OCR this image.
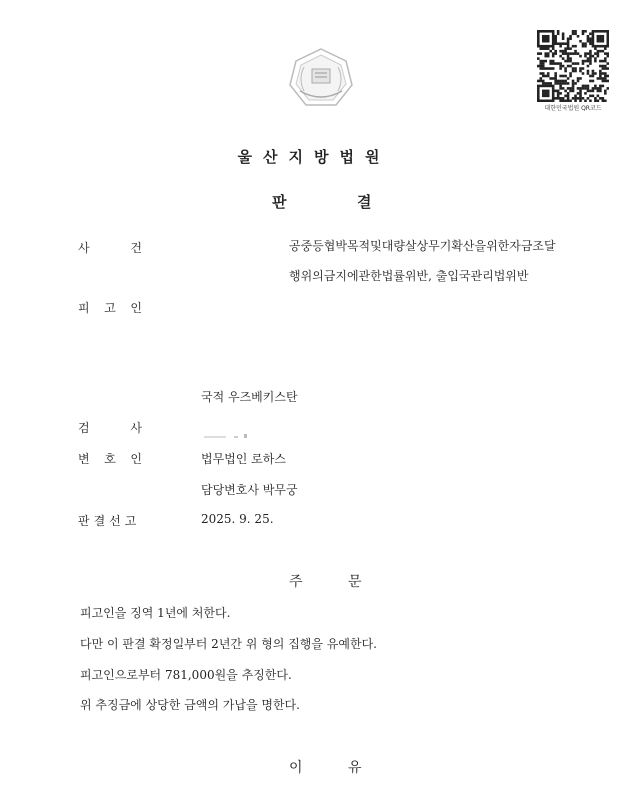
대한민국법원 QR코드
울산지방법원
판	결
사	건	공중등협박목적및대량살상무기확산을위한자금조달
행위의금지에관한법률위반, 출입국관리법위반
피 고 인
국적 우즈베키스탄
검	사
변 호 인	법무법인 로하스
담당변호사 박무궁
판결선고	2025. 9. 25.
주	문
피고인을 징역 1년에 처한다.
다만 이 판결 확정일부터 2년간 위 형의 집행을 유예한다.
피고인으로부터 781,000원을 추징한다.
위 추징금에 상당한 금액의 가납을 명한다.
이	유
